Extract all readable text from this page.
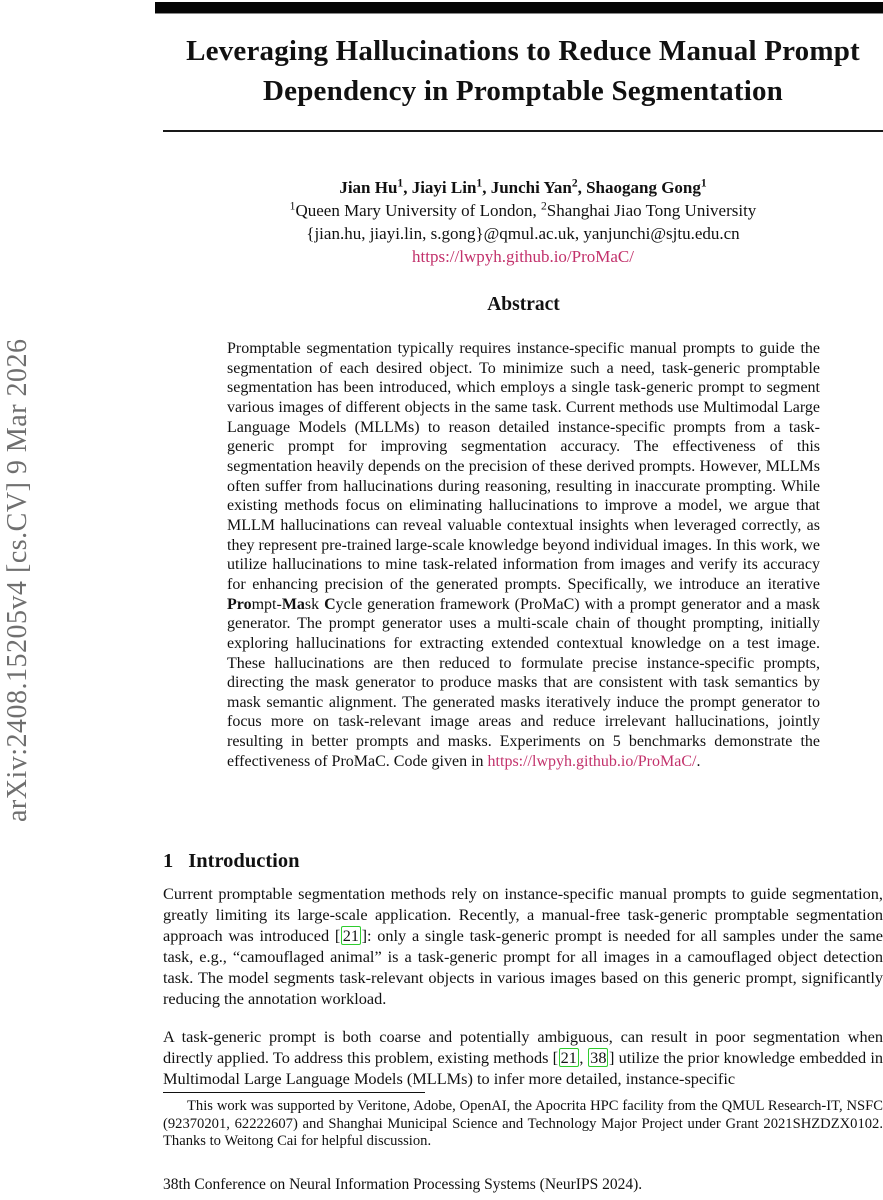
arXiv:2408.15205v4 [cs.CV] 9 Mar 2026
Leveraging Hallucinations to Reduce Manual Prompt
Dependency in Promptable Segmentation
Jian Hu$^1$, Jiayi Lin$^1$, Junchi Yan$^2$, Shaogang Gong$^1$
$^1$Queen Mary University of London, $^2$Shanghai Jiao Tong University
{jian.hu, jiayi.lin, s.gong}@qmul.ac.uk, yanjunchi@sjtu.edu.cn
https://lwpyh.github.io/ProMaC/
Abstract
Promptable segmentation typically requires instance-specific manual prompts to guide the segmentation of each desired object. To minimize such a need, task-generic promptable segmentation has been introduced, which employs a single task-generic prompt to segment various images of different objects in the same task. Current methods use Multimodal Large Language Models (MLLMs) to reason detailed instance-specific prompts from a task-generic prompt for improving segmentation accuracy. The effectiveness of this segmentation heavily depends on the precision of these derived prompts. However, MLLMs often suffer from hallucinations during reasoning, resulting in inaccurate prompting. While existing methods focus on eliminating hallucinations to improve a model, we argue that MLLM hallucinations can reveal valuable contextual insights when leveraged correctly, as they represent pre-trained large-scale knowledge beyond individual images. In this work, we utilize hallucinations to mine task-related information from images and verify its accuracy for enhancing precision of the generated prompts. Specifically, we introduce an iterative Prompt-Mask Cycle generation framework (ProMaC) with a prompt generator and a mask generator. The prompt generator uses a multi-scale chain of thought prompting, initially exploring hallucinations for extracting extended contextual knowledge on a test image. These hallucinations are then reduced to formulate precise instance-specific prompts, directing the mask generator to produce masks that are consistent with task semantics by mask semantic alignment. The generated masks iteratively induce the prompt generator to focus more on task-relevant image areas and reduce irrelevant hallucinations, jointly resulting in better prompts and masks. Experiments on 5 benchmarks demonstrate the effectiveness of ProMaC. Code given in https://lwpyh.github.io/ProMaC/.
1 Introduction
Current promptable segmentation methods rely on instance-specific manual prompts to guide segmentation, greatly limiting its large-scale application. Recently, a manual-free task-generic promptable segmentation approach was introduced [ 21 ]: only a single task-generic prompt is needed for all samples under the same task, e.g., “camouflaged animal” is a task-generic prompt for all images in a camouflaged object detection task. The model segments task-relevant objects in various images based on this generic prompt, significantly reducing the annotation workload.
A task-generic prompt is both coarse and potentially ambiguous, can result in poor segmentation when directly applied. To address this problem, existing methods [ 21 , 38 ] utilize the prior knowledge embedded in Multimodal Large Language Models (MLLMs) to infer more detailed, instance-specific
This work was supported by Veritone, Adobe, OpenAI, the Apocrita HPC facility from the QMUL Research-IT, NSFC (92370201, 62222607) and Shanghai Municipal Science and Technology Major Project under Grant 2021SHZDZX0102. Thanks to Weitong Cai for helpful discussion.
38th Conference on Neural Information Processing Systems (NeurIPS 2024).
